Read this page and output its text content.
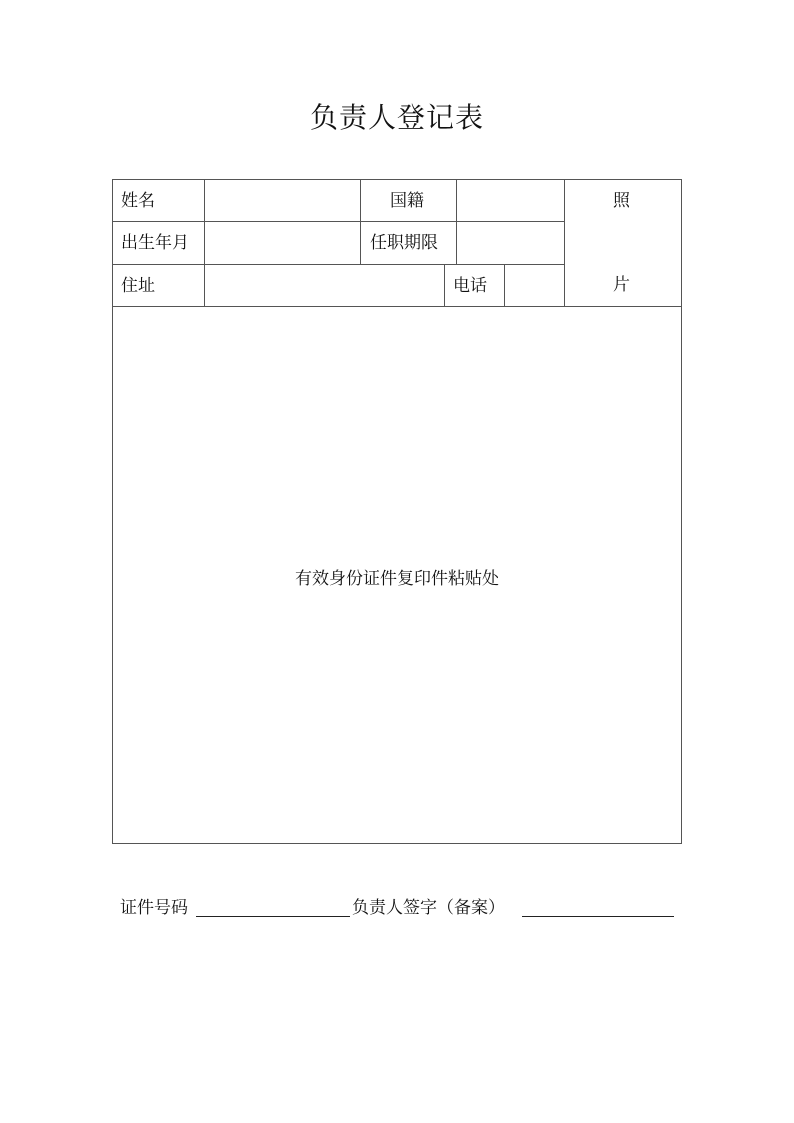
负责人登记表
姓名	国籍
出生年月	任职期限
住址	电话
照
片
有效身份证件复印件粘贴处
证件号码	负责人签字（备案）
